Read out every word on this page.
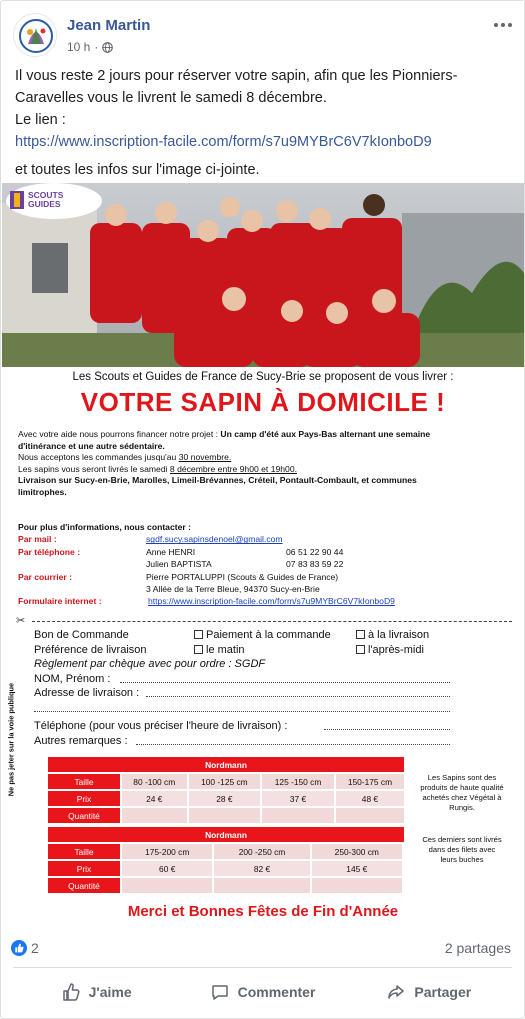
Jean Martin
10 h ·

Il vous reste 2 jours pour réserver votre sapin, afin que les Pionniers-

Caravelles vous le livrent le samedi 8 décembre.

Le lien :

https://www.inscription-facile.com/form/s7u9MYBrC6V7kIonboD9

et toutes les infos sur l'image ci-jointe.

SCOUTS
GUIDES
Les Scouts et Guides de France de Sucy-Brie se proposent de vous livrer :
VOTRE SAPIN À DOMICILE !
Avec votre aide nous pourrons financer notre projet : Un camp d'été aux Pays-Bas alternant une semaine
d'itinérance et une autre sédentaire.
Nous acceptons les commandes jusqu'au 30 novembre.
Les sapins vous seront livrés le samedi 8 décembre entre 9h00 et 19h00.
Livraison sur Sucy-en-Brie, Marolles, Limeil-Brévannes, Créteil, Pontault-Combault, et communes
limitrophes.
Pour plus d'informations, nous contacter :
Par mail :	sgdf.sucy.sapinsdenoel@gmail.com
Par téléphone :	Anne HENRI	06 51 22 90 44
Julien BAPTISTA	07 83 83 59 22
Par courrier :	Pierre PORTALUPPI (Scouts & Guides de France)
3 Allée de la Terre Bleue, 94370 Sucy-en-Brie
Formulaire internet :	https://www.inscription-facile.com/form/s7u9MYBrC6V7kIonboD9
✂
Bon de Commande	Paiement à la commande	à la livraison
Préférence de livraison	le matin	l'après-midi
Règlement par chèque avec pour ordre : SGDF
NOM, Prénom :
Adresse de livraison :
Téléphone (pour vous préciser l'heure de livraison) :
Autres remarques :
Nordmann				
Taille	80 -100 cm	100 -125 cm	125 -150 cm	150-175 cm
Prix	24 €	28 €	37 €	48 €
Quantité				
Nordmann				
Taille	175-200 cm	200 -250 cm	250-300 cm	
Prix	60 €	82 €	145 €	
Quantité				
Les Sapins sont des produits de haute qualité achetés chez Végétal à Rungis.
Ces derniers sont livrés dans des filets avec leurs buches
Ne pas jeter sur la voie publique
Merci et Bonnes Fêtes de Fin d'Année
2	2 partages
J'aime	Commenter	Partager
